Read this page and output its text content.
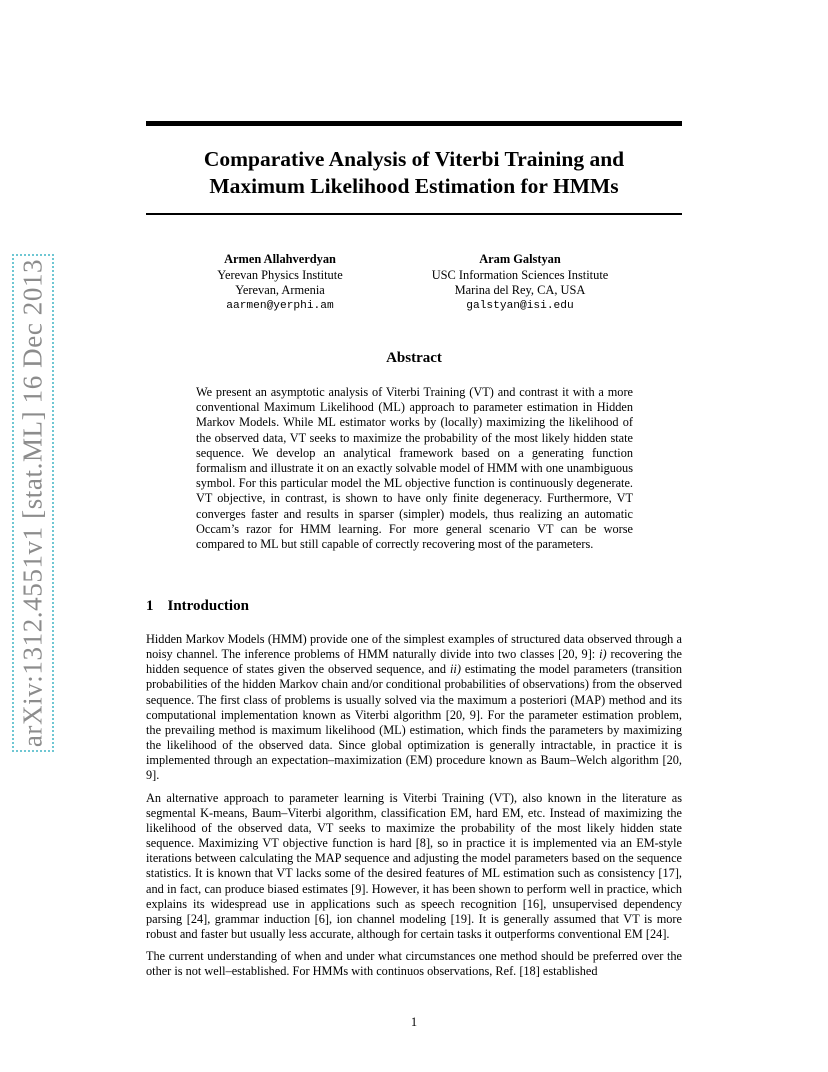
arXiv:1312.4551v1 [stat.ML] 16 Dec 2013
Comparative Analysis of Viterbi Training and
Maximum Likelihood Estimation for HMMs
Armen Allahverdyan
Yerevan Physics Institute
Yerevan, Armenia
aarmen@yerphi.am
Aram Galstyan
USC Information Sciences Institute
Marina del Rey, CA, USA
galstyan@isi.edu
Abstract
We present an asymptotic analysis of Viterbi Training (VT) and contrast it with a more conventional Maximum Likelihood (ML) approach to parameter estimation in Hidden Markov Models. While ML estimator works by (locally) maximizing the likelihood of the observed data, VT seeks to maximize the probability of the most likely hidden state sequence. We develop an analytical framework based on a generating function formalism and illustrate it on an exactly solvable model of HMM with one unambiguous symbol. For this particular model the ML objective function is continuously degenerate. VT objective, in contrast, is shown to have only finite degeneracy. Furthermore, VT converges faster and results in sparser (simpler) models, thus realizing an automatic Occam’s razor for HMM learning. For more general scenario VT can be worse compared to ML but still capable of correctly recovering most of the parameters.
1 Introduction

Hidden Markov Models (HMM) provide one of the simplest examples of structured data observed through a noisy channel. The inference problems of HMM naturally divide into two classes [20, 9]: i) recovering the hidden sequence of states given the observed sequence, and ii) estimating the model parameters (transition probabilities of the hidden Markov chain and/or conditional probabilities of observations) from the observed sequence. The first class of problems is usually solved via the maximum a posteriori (MAP) method and its computational implementation known as Viterbi algorithm [20, 9]. For the parameter estimation problem, the prevailing method is maximum likelihood (ML) estimation, which finds the parameters by maximizing the likelihood of the observed data. Since global optimization is generally intractable, in practice it is implemented through an expectation–maximization (EM) procedure known as Baum–Welch algorithm [20, 9].

An alternative approach to parameter learning is Viterbi Training (VT), also known in the literature as segmental K-means, Baum–Viterbi algorithm, classification EM, hard EM, etc. Instead of maximizing the likelihood of the observed data, VT seeks to maximize the probability of the most likely hidden state sequence. Maximizing VT objective function is hard [8], so in practice it is implemented via an EM-style iterations between calculating the MAP sequence and adjusting the model parameters based on the sequence statistics. It is known that VT lacks some of the desired features of ML estimation such as consistency [17], and in fact, can produce biased estimates [9]. However, it has been shown to perform well in practice, which explains its widespread use in applications such as speech recognition [16], unsupervised dependency parsing [24], grammar induction [6], ion channel modeling [19]. It is generally assumed that VT is more robust and faster but usually less accurate, although for certain tasks it outperforms conventional EM [24].

The current understanding of when and under what circumstances one method should be preferred over the other is not well–established. For HMMs with continuos observations, Ref. [18] established

1
